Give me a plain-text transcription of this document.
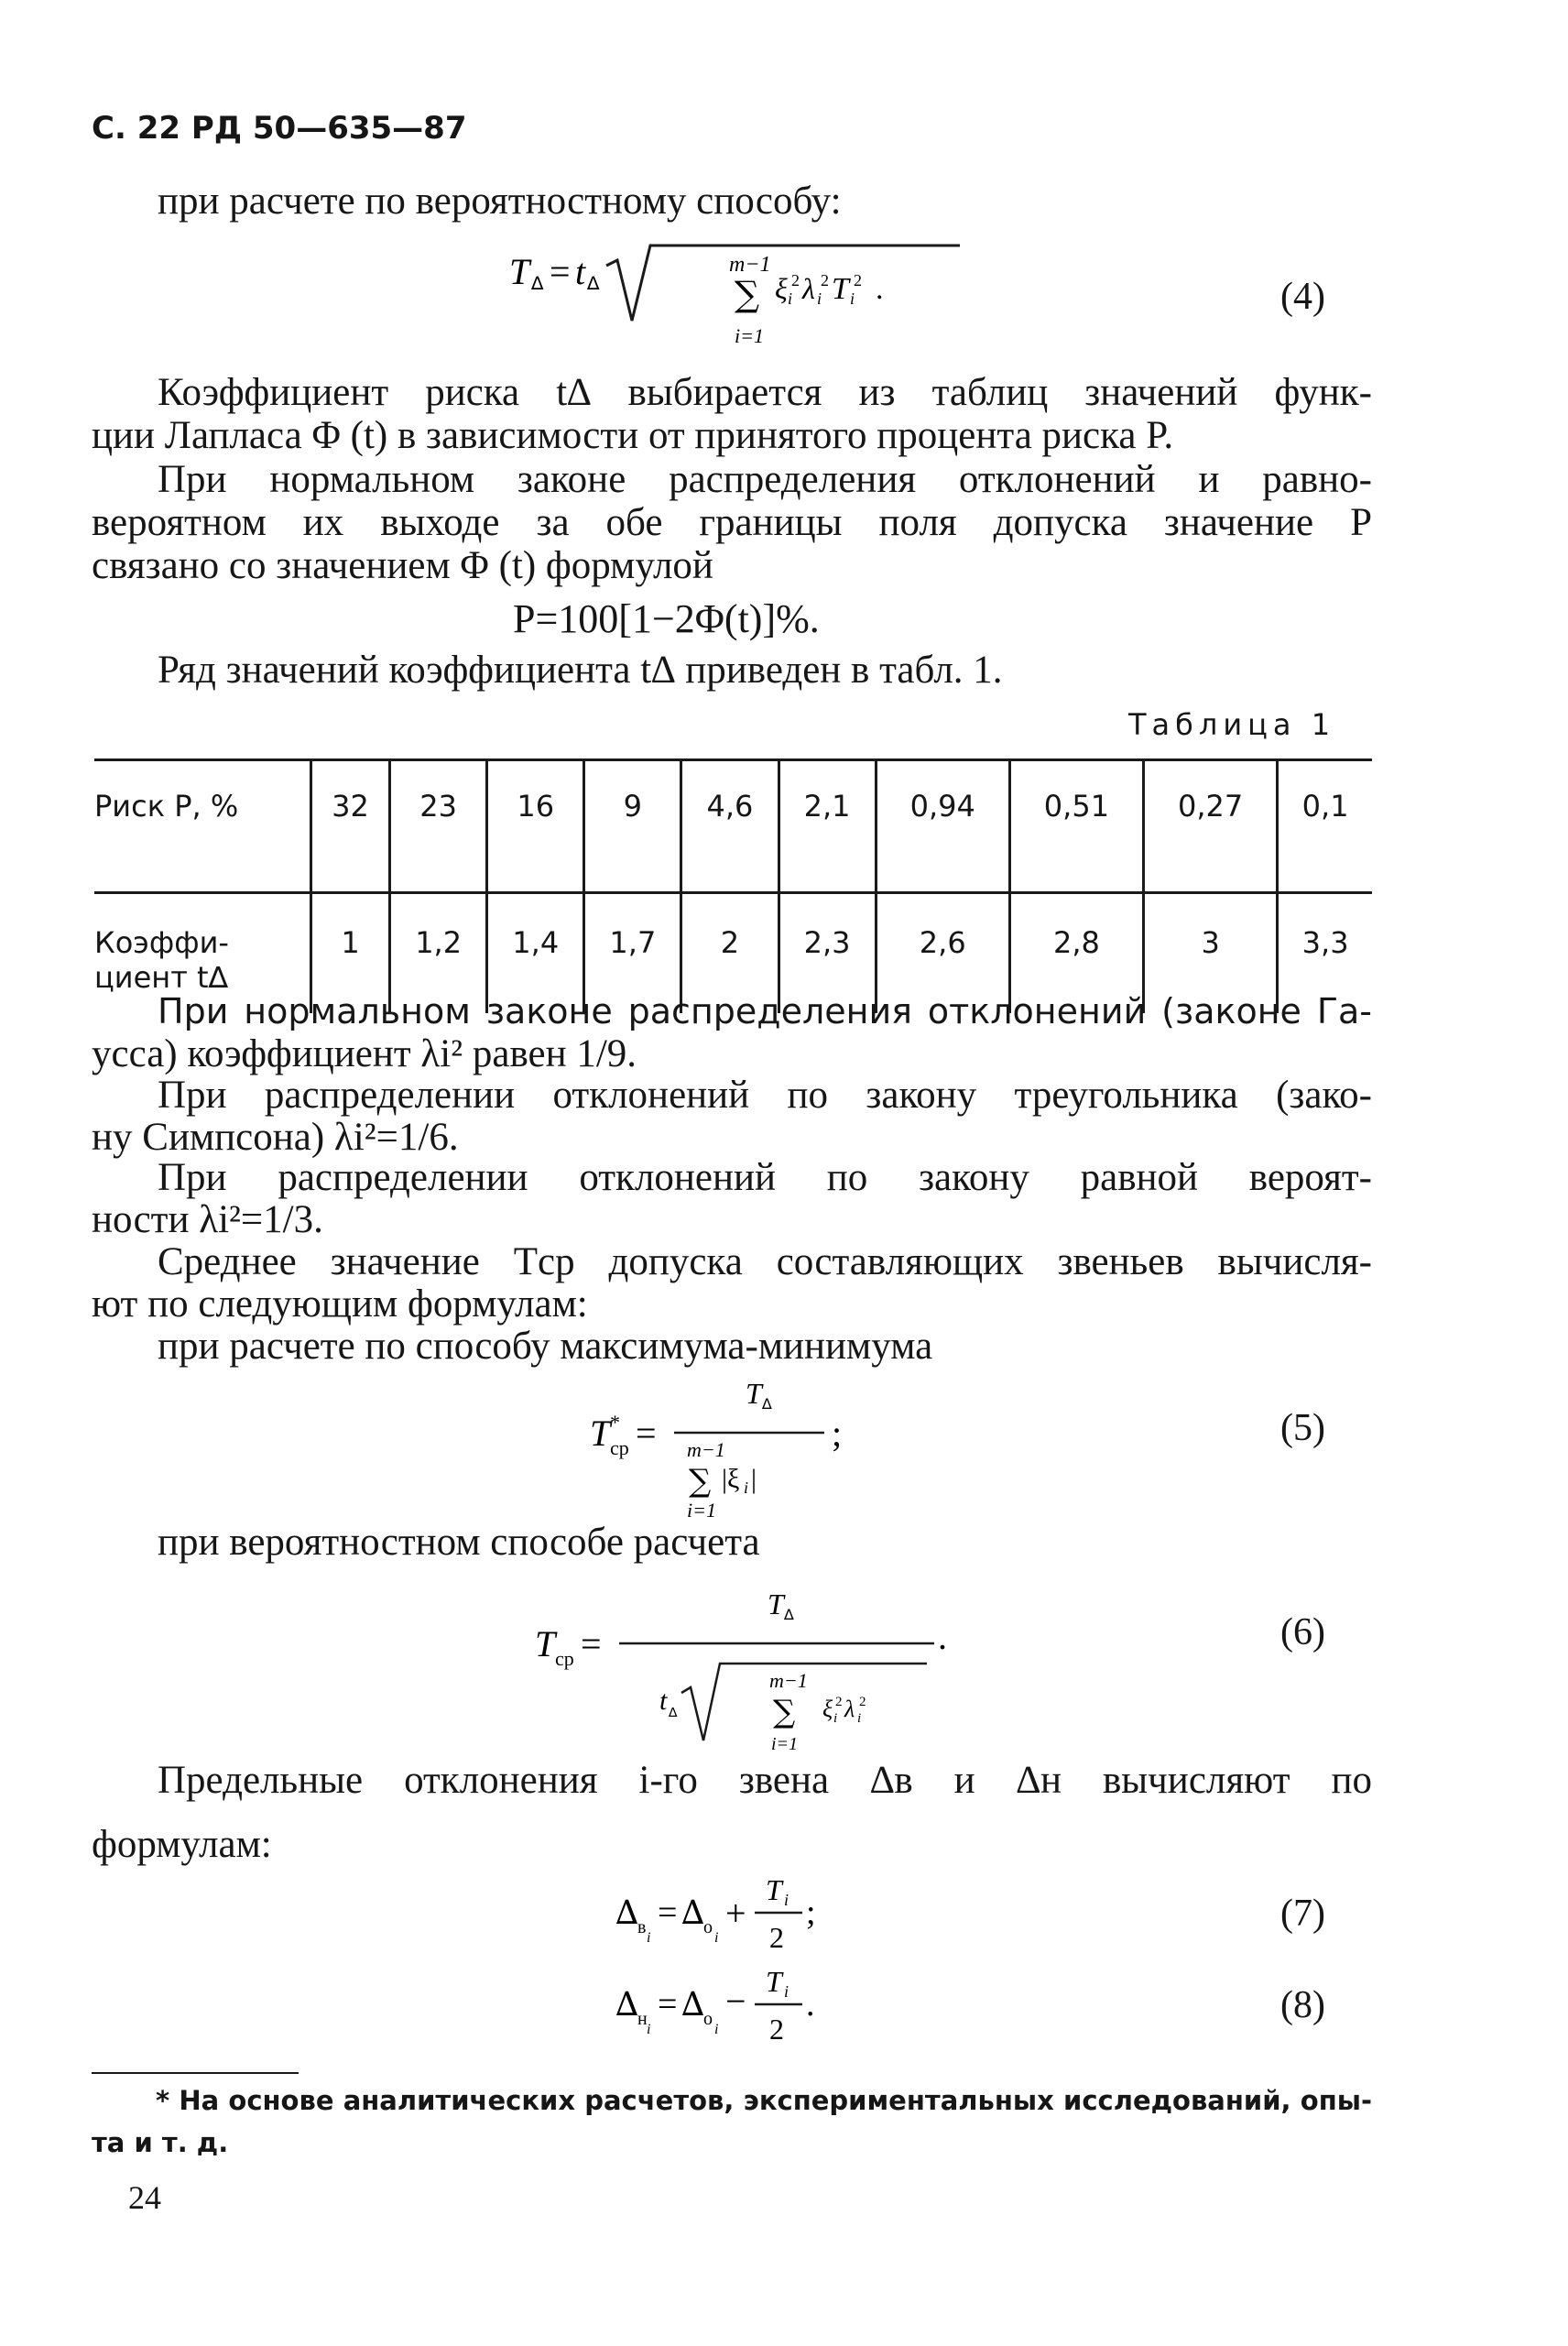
С. 22 РД 50—635—87
при расчете по вероятностному способу:
T ∆ = t ∆
m−1
∑
i=1
ξ i
2 λ i
2 T i
2 .	(4)
Коэффициент риска t∆ выбирается из таблиц значений функ-
ции Лапласа Φ (t) в зависимости от принятого процента риска P.
При нормальном законе распределения отклонений и равно-
вероятном их выходе за обе границы поля допуска значение P
связано со значением Φ (t) формулой
P=100[1−2Φ(t)]%.
Ряд значений коэффициента t∆ приведен в табл. 1.
Таблица 1
Риск P, %	32	23	16	9	4,6	2,1	0,94	0,51	0,27	0,1

Коэффи-
циент t∆	1	1,2	1,4	1,7	2	2,3	2,6	2,8	3	3,3
При нормальном законе распределения отклонений (законе Га-
усса) коэффициент λi² равен 1/9.
При распределении отклонений по закону треугольника (зако-
ну Симпсона) λi²=1/6.
При распределении отклонений по закону равной вероят-
ности λi²=1/3.
Среднее значение Tср допуска составляющих звеньев вычисля-
ют по следующим формулам:
при расчете по способу максимума-минимума
T *
ср =
T ∆
m−1
∑
i=1
|ξ i |
;	(5)
при вероятностном способе расчета
T ср =
T ∆
.
t ∆
m−1
∑
i=1
ξ i
2 λ i
2
(6)
Предельные отклонения i-го звена ∆в и ∆н вычисляют по
формулам:
∆
в
i
= ∆
о
i
+
T i
2
;	(7)
∆
н
i
= ∆
о
i
− T i
2
.	(8)
* На основе аналитических расчетов, экспериментальных исследований, опы-
та и т. д.
24
